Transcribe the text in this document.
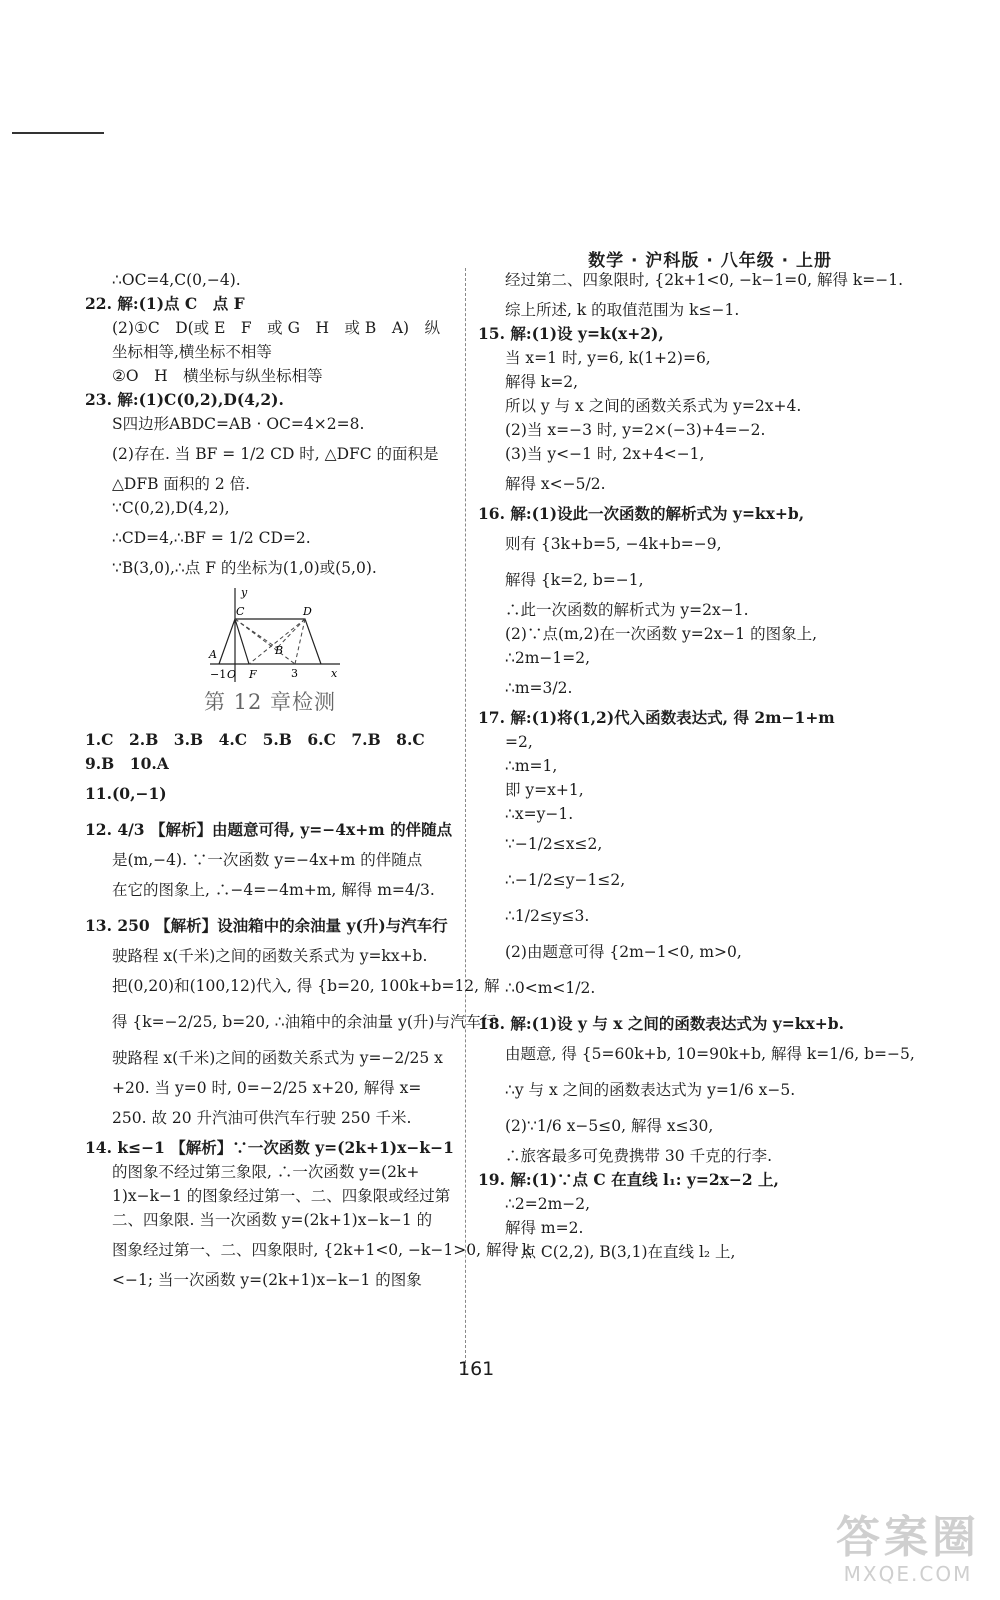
数学 · 沪科版 · 八年级 · 上册
∴OC=4,C(0,−4).
22. 解:(1)点 C　点 F
(2)①C　D(或 E　F　或 G　H　或 B　A)　纵
坐标相等,横坐标不相等
②O　H　横坐标与纵坐标相等
23. 解:(1)C(0,2),D(4,2).
S四边形ABDC=AB · OC=4×2=8.
(2)存在. 当 BF = 1/2 CD 时, △DFC 的面积是
△DFB 面积的 2 倍.
∵C(0,2),D(4,2),
∴CD=4,∴BF = 1/2 CD=2.
∵B(3,0),∴点 F 的坐标为(1,0)或(5,0).
y
C	D
A	B
−1 O F	3	x
第 12 章检测
1.C　2.B　3.B　4.C　5.B　6.C　7.B　8.C
9.B　10.A
11.(0,−1)
12. 4/3 【解析】由题意可得, y=−4x+m 的伴随点
是(m,−4). ∵一次函数 y=−4x+m 的伴随点
在它的图象上, ∴−4=−4m+m, 解得 m=4/3.
13. 250 【解析】设油箱中的余油量 y(升)与汽车行
驶路程 x(千米)之间的函数关系式为 y=kx+b.
把(0,20)和(100,12)代入, 得 {b=20, 100k+b=12, 解
得 {k=−2/25, b=20, ∴油箱中的余油量 y(升)与汽车行
驶路程 x(千米)之间的函数关系式为 y=−2/25 x
+20. 当 y=0 时, 0=−2/25 x+20, 解得 x=
250. 故 20 升汽油可供汽车行驶 250 千米.
14. k≤−1 【解析】∵一次函数 y=(2k+1)x−k−1
的图象不经过第三象限, ∴一次函数 y=(2k+
1)x−k−1 的图象经过第一、二、四象限或经过第
二、四象限. 当一次函数 y=(2k+1)x−k−1 的
图象经过第一、二、四象限时, {2k+1<0, −k−1>0, 解得 k
<−1; 当一次函数 y=(2k+1)x−k−1 的图象
经过第二、四象限时, {2k+1<0, −k−1=0, 解得 k=−1.
综上所述, k 的取值范围为 k≤−1.
15. 解:(1)设 y=k(x+2),
当 x=1 时, y=6, k(1+2)=6,
解得 k=2,
所以 y 与 x 之间的函数关系式为 y=2x+4.
(2)当 x=−3 时, y=2×(−3)+4=−2.
(3)当 y<−1 时, 2x+4<−1,
解得 x<−5/2.
16. 解:(1)设此一次函数的解析式为 y=kx+b,
则有 {3k+b=5, −4k+b=−9,
解得 {k=2, b=−1,
∴此一次函数的解析式为 y=2x−1.
(2)∵点(m,2)在一次函数 y=2x−1 的图象上,
∴2m−1=2,
∴m=3/2.
17. 解:(1)将(1,2)代入函数表达式, 得 2m−1+m
=2,
∴m=1,
即 y=x+1,
∴x=y−1.
∵−1/2≤x≤2,
∴−1/2≤y−1≤2,
∴1/2≤y≤3.
(2)由题意可得 {2m−1<0, m>0,
∴0<m<1/2.
18. 解:(1)设 y 与 x 之间的函数表达式为 y=kx+b.
由题意, 得 {5=60k+b, 10=90k+b, 解得 k=1/6, b=−5,
∴y 与 x 之间的函数表达式为 y=1/6 x−5.
(2)∵1/6 x−5≤0, 解得 x≤30,
∴旅客最多可免费携带 30 千克的行李.
19. 解:(1)∵点 C 在直线 l₁: y=2x−2 上,
∴2=2m−2,
解得 m=2.
∵点 C(2,2), B(3,1)在直线 l₂ 上,
161
答案圈
MXQE.COM
